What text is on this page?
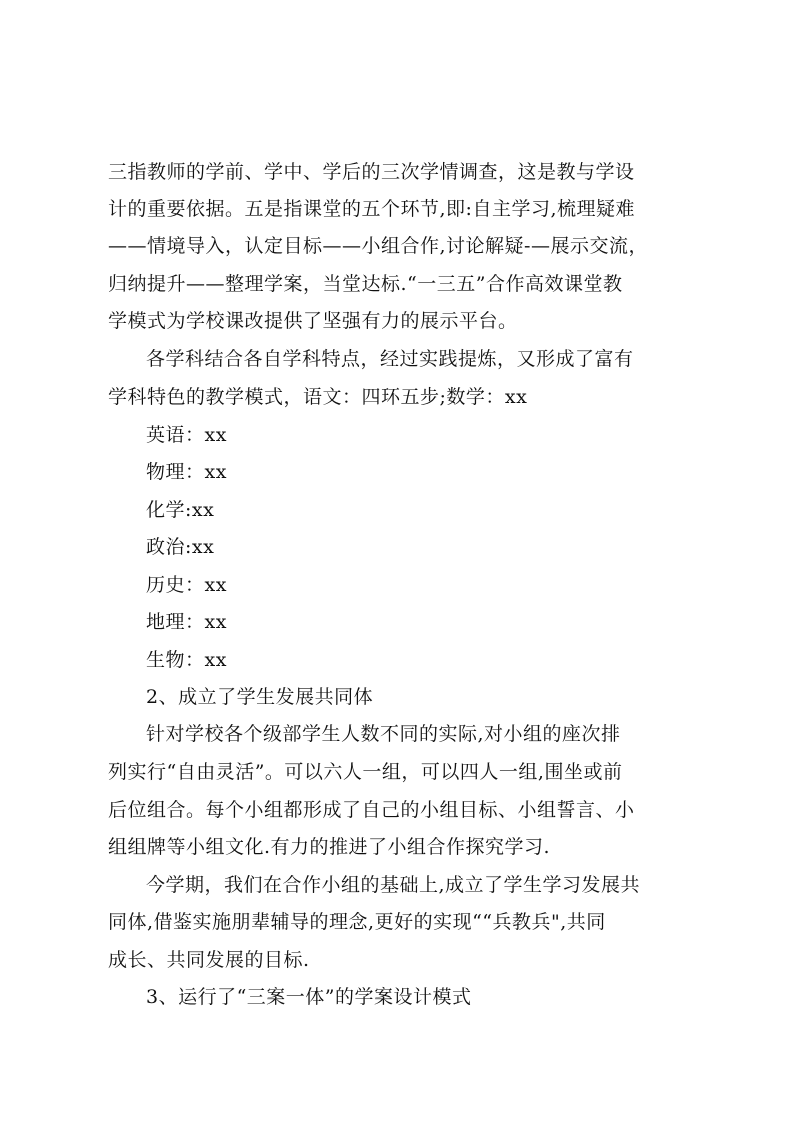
三指教师的学前、学中、学后的三次学情调查，这是教与学设
计的重要依据。五是指课堂的五个环节,即:自主学习,梳理疑难
——情境导入，认定目标——小组合作,讨论解疑-—展示交流，
归纳提升——整理学案，当堂达标.“一三五”合作高效课堂教
学模式为学校课改提供了坚强有力的展示平台。
各学科结合各自学科特点，经过实践提炼，又形成了富有
学科特色的教学模式，语文：四环五步;数学：xx
英语：xx
物理：xx
化学:xx
政治:xx
历史：xx
地理：xx
生物：xx
2、成立了学生发展共同体
针对学校各个级部学生人数不同的实际,对小组的座次排
列实行“自由灵活”。可以六人一组，可以四人一组,围坐或前
后位组合。每个小组都形成了自己的小组目标、小组誓言、小
组组牌等小组文化.有力的推进了小组合作探究学习.
今学期，我们在合作小组的基础上,成立了学生学习发展共
同体,借鉴实施朋辈辅导的理念,更好的实现““兵教兵",共同
成长、共同发展的目标.
3、运行了“三案一体”的学案设计模式
